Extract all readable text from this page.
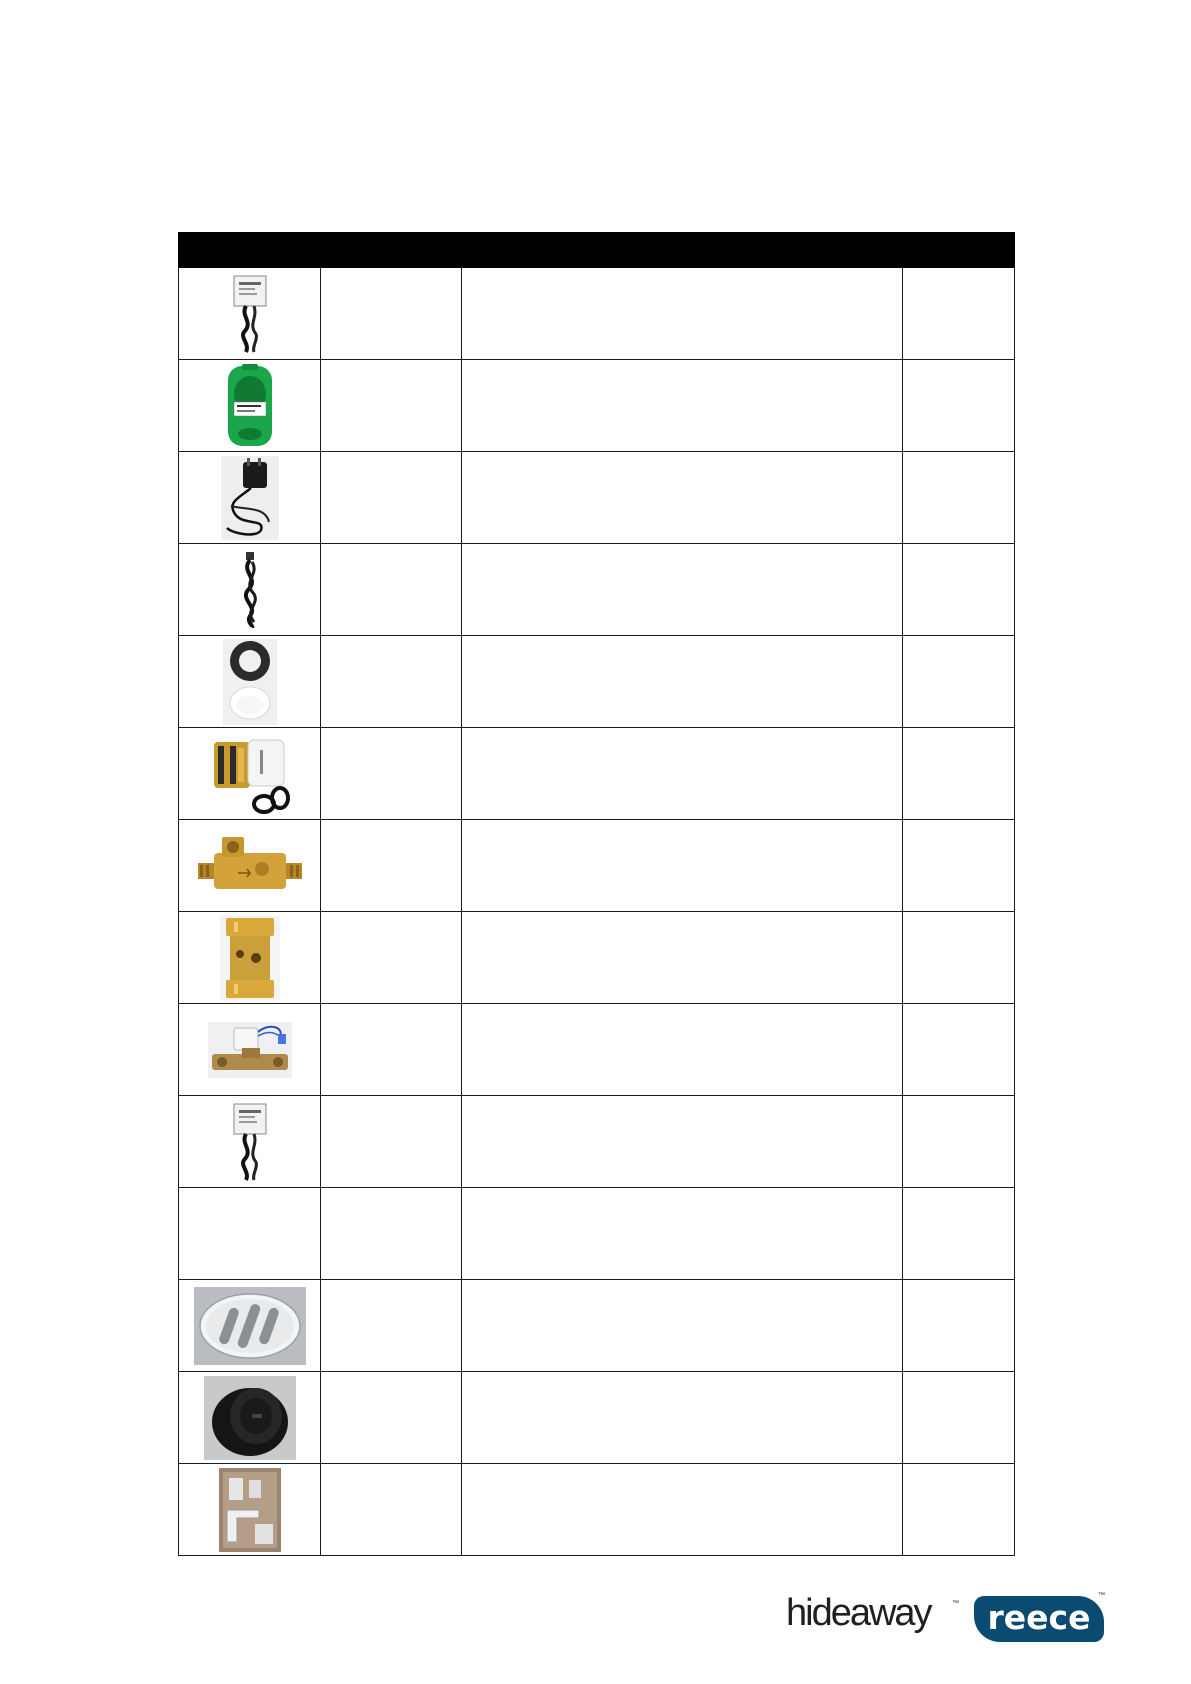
hideaway	™ reece
™
